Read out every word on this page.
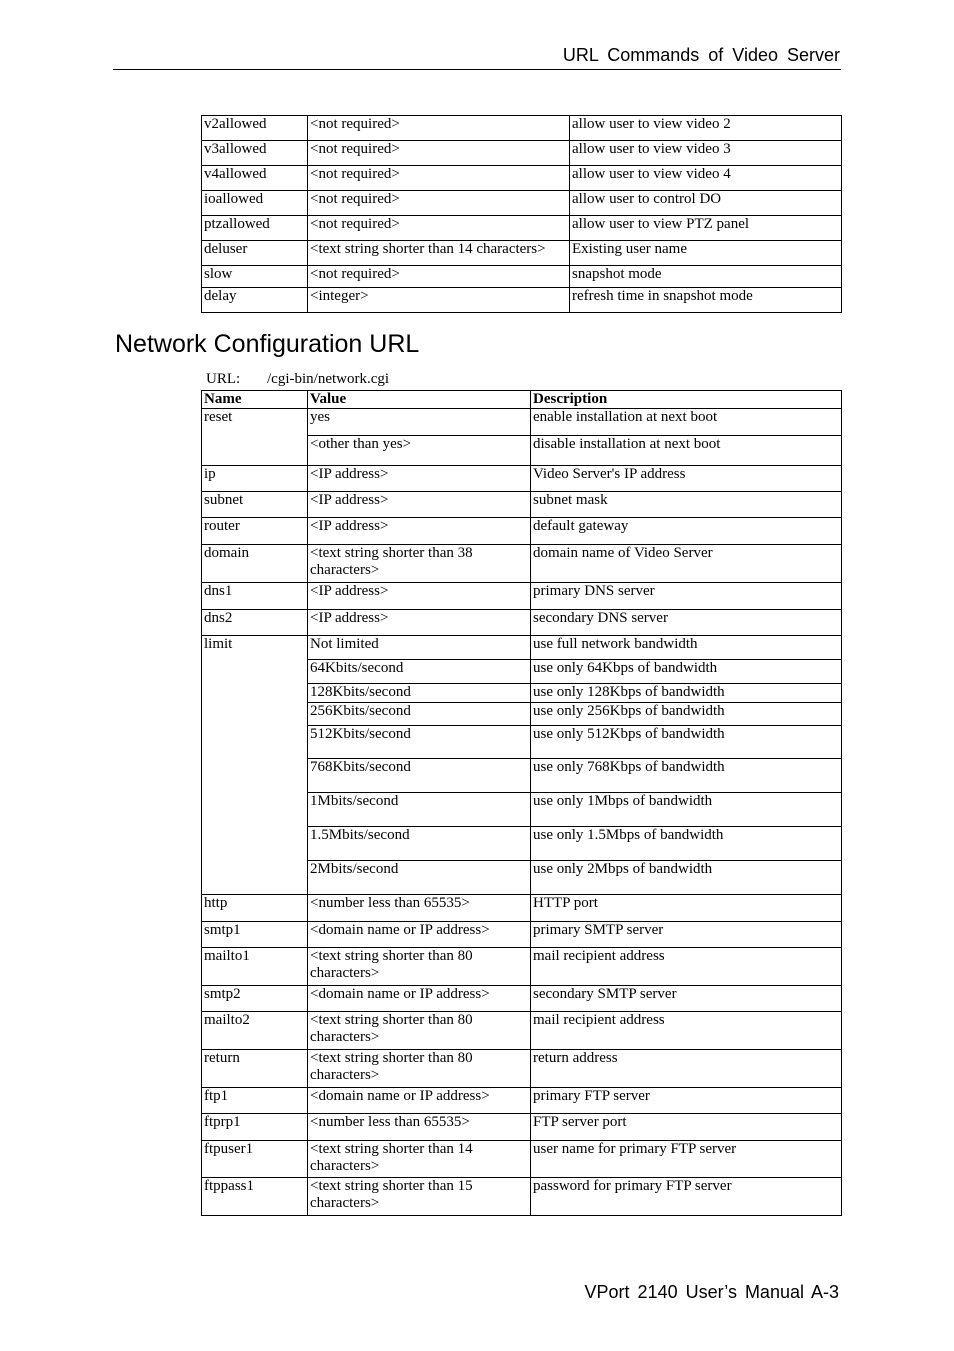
URL Commands of Video Server
v2allowed	<not required>	allow user to view video 2
v3allowed	<not required>	allow user to view video 3
v4allowed	<not required>	allow user to view video 4
ioallowed	<not required>	allow user to control DO
ptzallowed	<not required>	allow user to view PTZ panel
deluser	<text string shorter than 14 characters>	Existing user name
slow	<not required>	snapshot mode
delay	<integer>	refresh time in snapshot mode
Network Configuration URL
URL: /cgi-bin/network.cgi
Name	Value	Description
reset	yes	enable installation at next boot
	<other than yes>	disable installation at next boot
ip	<IP address>	Video Server's IP address
subnet	<IP address>	subnet mask
router	<IP address>	default gateway
domain	<text string shorter than 38 characters>	domain name of Video Server
dns1	<IP address>	primary DNS server
dns2	<IP address>	secondary DNS server
limit	Not limited	use full network bandwidth
	64Kbits/second	use only 64Kbps of bandwidth
	128Kbits/second	use only 128Kbps of bandwidth
	256Kbits/second	use only 256Kbps of bandwidth
	512Kbits/second	use only 512Kbps of bandwidth
	768Kbits/second	use only 768Kbps of bandwidth
	1Mbits/second	use only 1Mbps of bandwidth
	1.5Mbits/second	use only 1.5Mbps of bandwidth
	2Mbits/second	use only 2Mbps of bandwidth
http	<number less than 65535>	HTTP port
smtp1	<domain name or IP address>	primary SMTP server
mailto1	<text string shorter than 80 characters>	mail recipient address
smtp2	<domain name or IP address>	secondary SMTP server
mailto2	<text string shorter than 80 characters>	mail recipient address
return	<text string shorter than 80 characters>	return address
ftp1	<domain name or IP address>	primary FTP server
ftprp1	<number less than 65535>	FTP server port
ftpuser1	<text string shorter than 14 characters>	user name for primary FTP server
ftppass1	<text string shorter than 15 characters>	password for primary FTP server
VPort 2140 User’s Manual A-3
